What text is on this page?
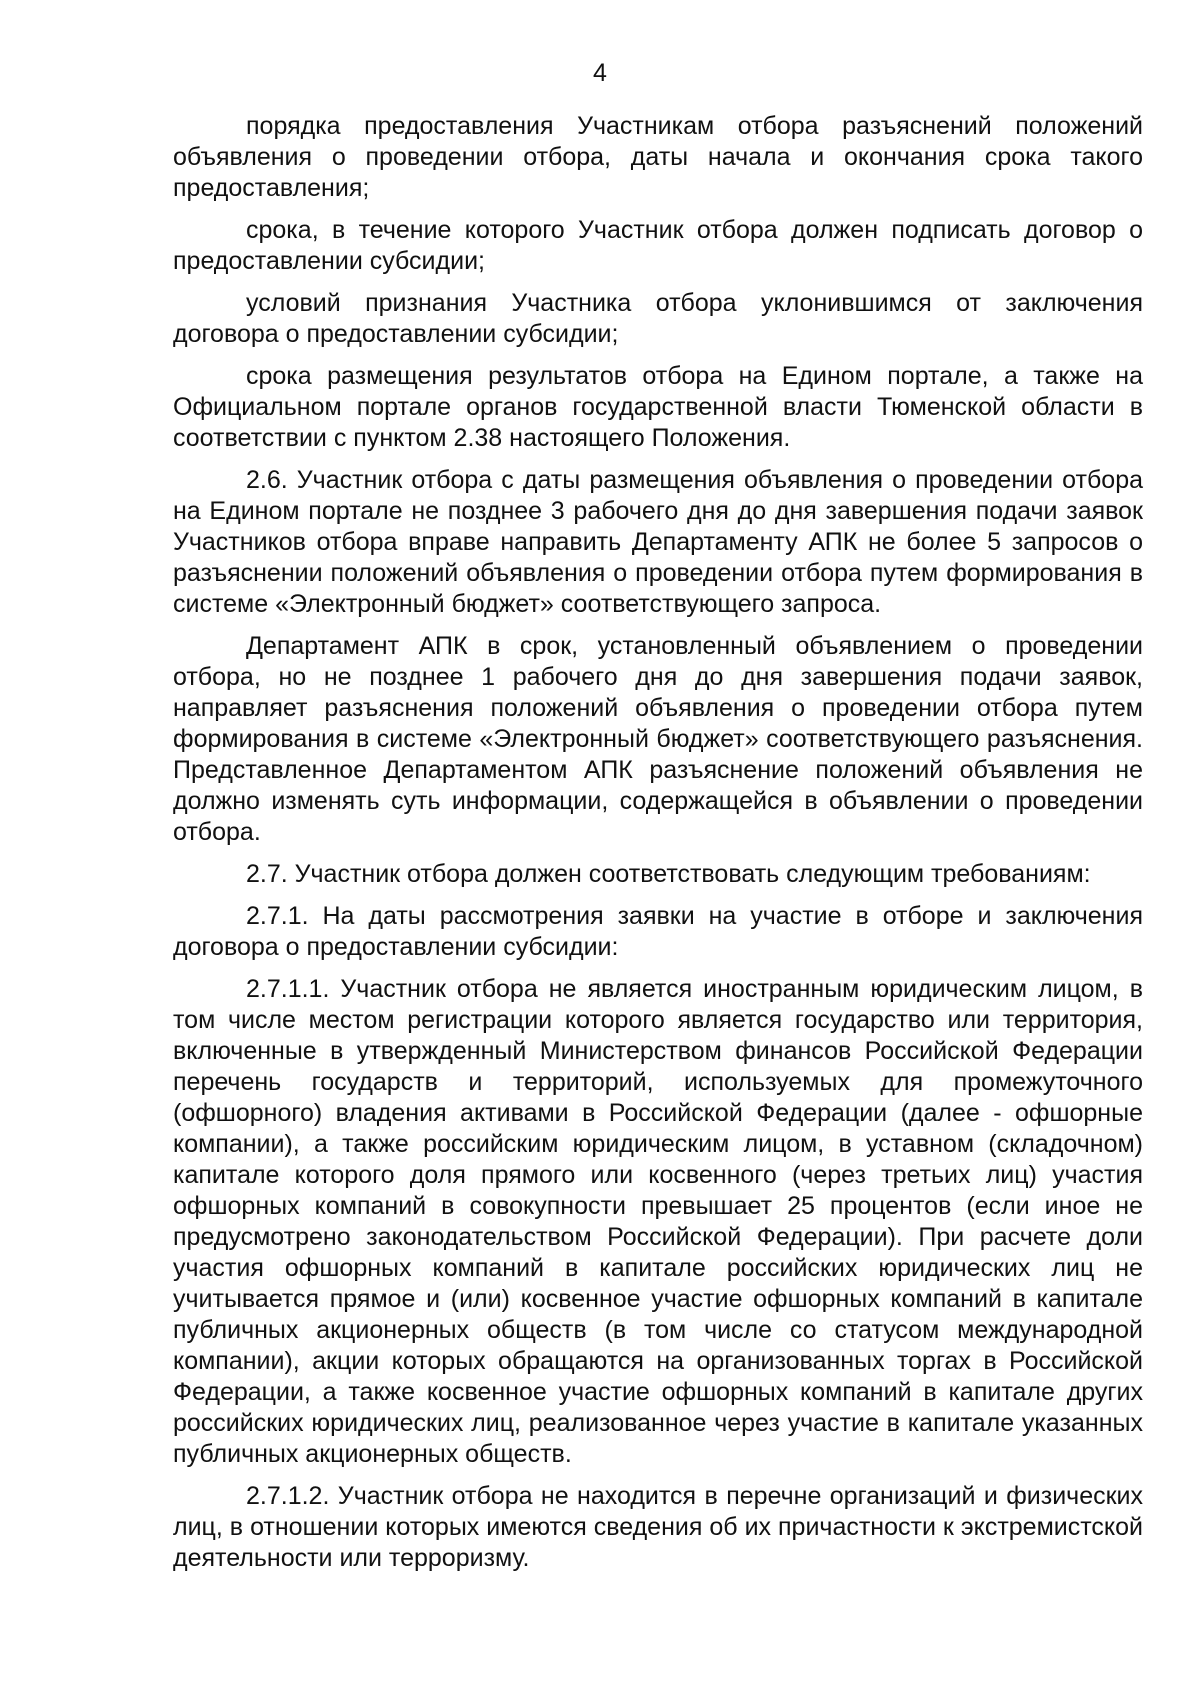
4

порядка предоставления Участникам отбора разъяснений положений объявления о проведении отбора, даты начала и окончания срока такого предоставления;

срока, в течение которого Участник отбора должен подписать договор о предоставлении субсидии;

условий признания Участника отбора уклонившимся от заключения договора о предоставлении субсидии;

срока размещения результатов отбора на Едином портале, а также на Официальном портале органов государственной власти Тюменской области в соответствии с пунктом 2.38 настоящего Положения.

2.6. Участник отбора с даты размещения объявления о проведении отбора на Едином портале не позднее 3 рабочего дня до дня завершения подачи заявок Участников отбора вправе направить Департаменту АПК не более 5 запросов о разъяснении положений объявления о проведении отбора путем формирования в системе «Электронный бюджет» соответствующего запроса.

Департамент АПК в срок, установленный объявлением о проведении отбора, но не позднее 1 рабочего дня до дня завершения подачи заявок, направляет разъяснения положений объявления о проведении отбора путем формирования в системе «Электронный бюджет» соответствующего разъяснения. Представленное Департаментом АПК разъяснение положений объявления не должно изменять суть информации, содержащейся в объявлении о проведении отбора.

2.7. Участник отбора должен соответствовать следующим требованиям:

2.7.1. На даты рассмотрения заявки на участие в отборе и заключения договора о предоставлении субсидии:

2.7.1.1. Участник отбора не является иностранным юридическим лицом, в том числе местом регистрации которого является государство или территория, включенные в утвержденный Министерством финансов Российской Федерации перечень государств и территорий, используемых для промежуточного (офшорного) владения активами в Российской Федерации (далее - офшорные компании), а также российским юридическим лицом, в уставном (складочном) капитале которого доля прямого или косвенного (через третьих лиц) участия офшорных компаний в совокупности превышает 25 процентов (если иное не предусмотрено законодательством Российской Федерации). При расчете доли участия офшорных компаний в капитале российских юридических лиц не учитывается прямое и (или) косвенное участие офшорных компаний в капитале публичных акционерных обществ (в том числе со статусом международной компании), акции которых обращаются на организованных торгах в Российской Федерации, а также косвенное участие офшорных компаний в капитале других российских юридических лиц, реализованное через участие в капитале указанных публичных акционерных обществ.

2.7.1.2. Участник отбора не находится в перечне организаций и физических лиц, в отношении которых имеются сведения об их причастности к экстремистской деятельности или терроризму.
